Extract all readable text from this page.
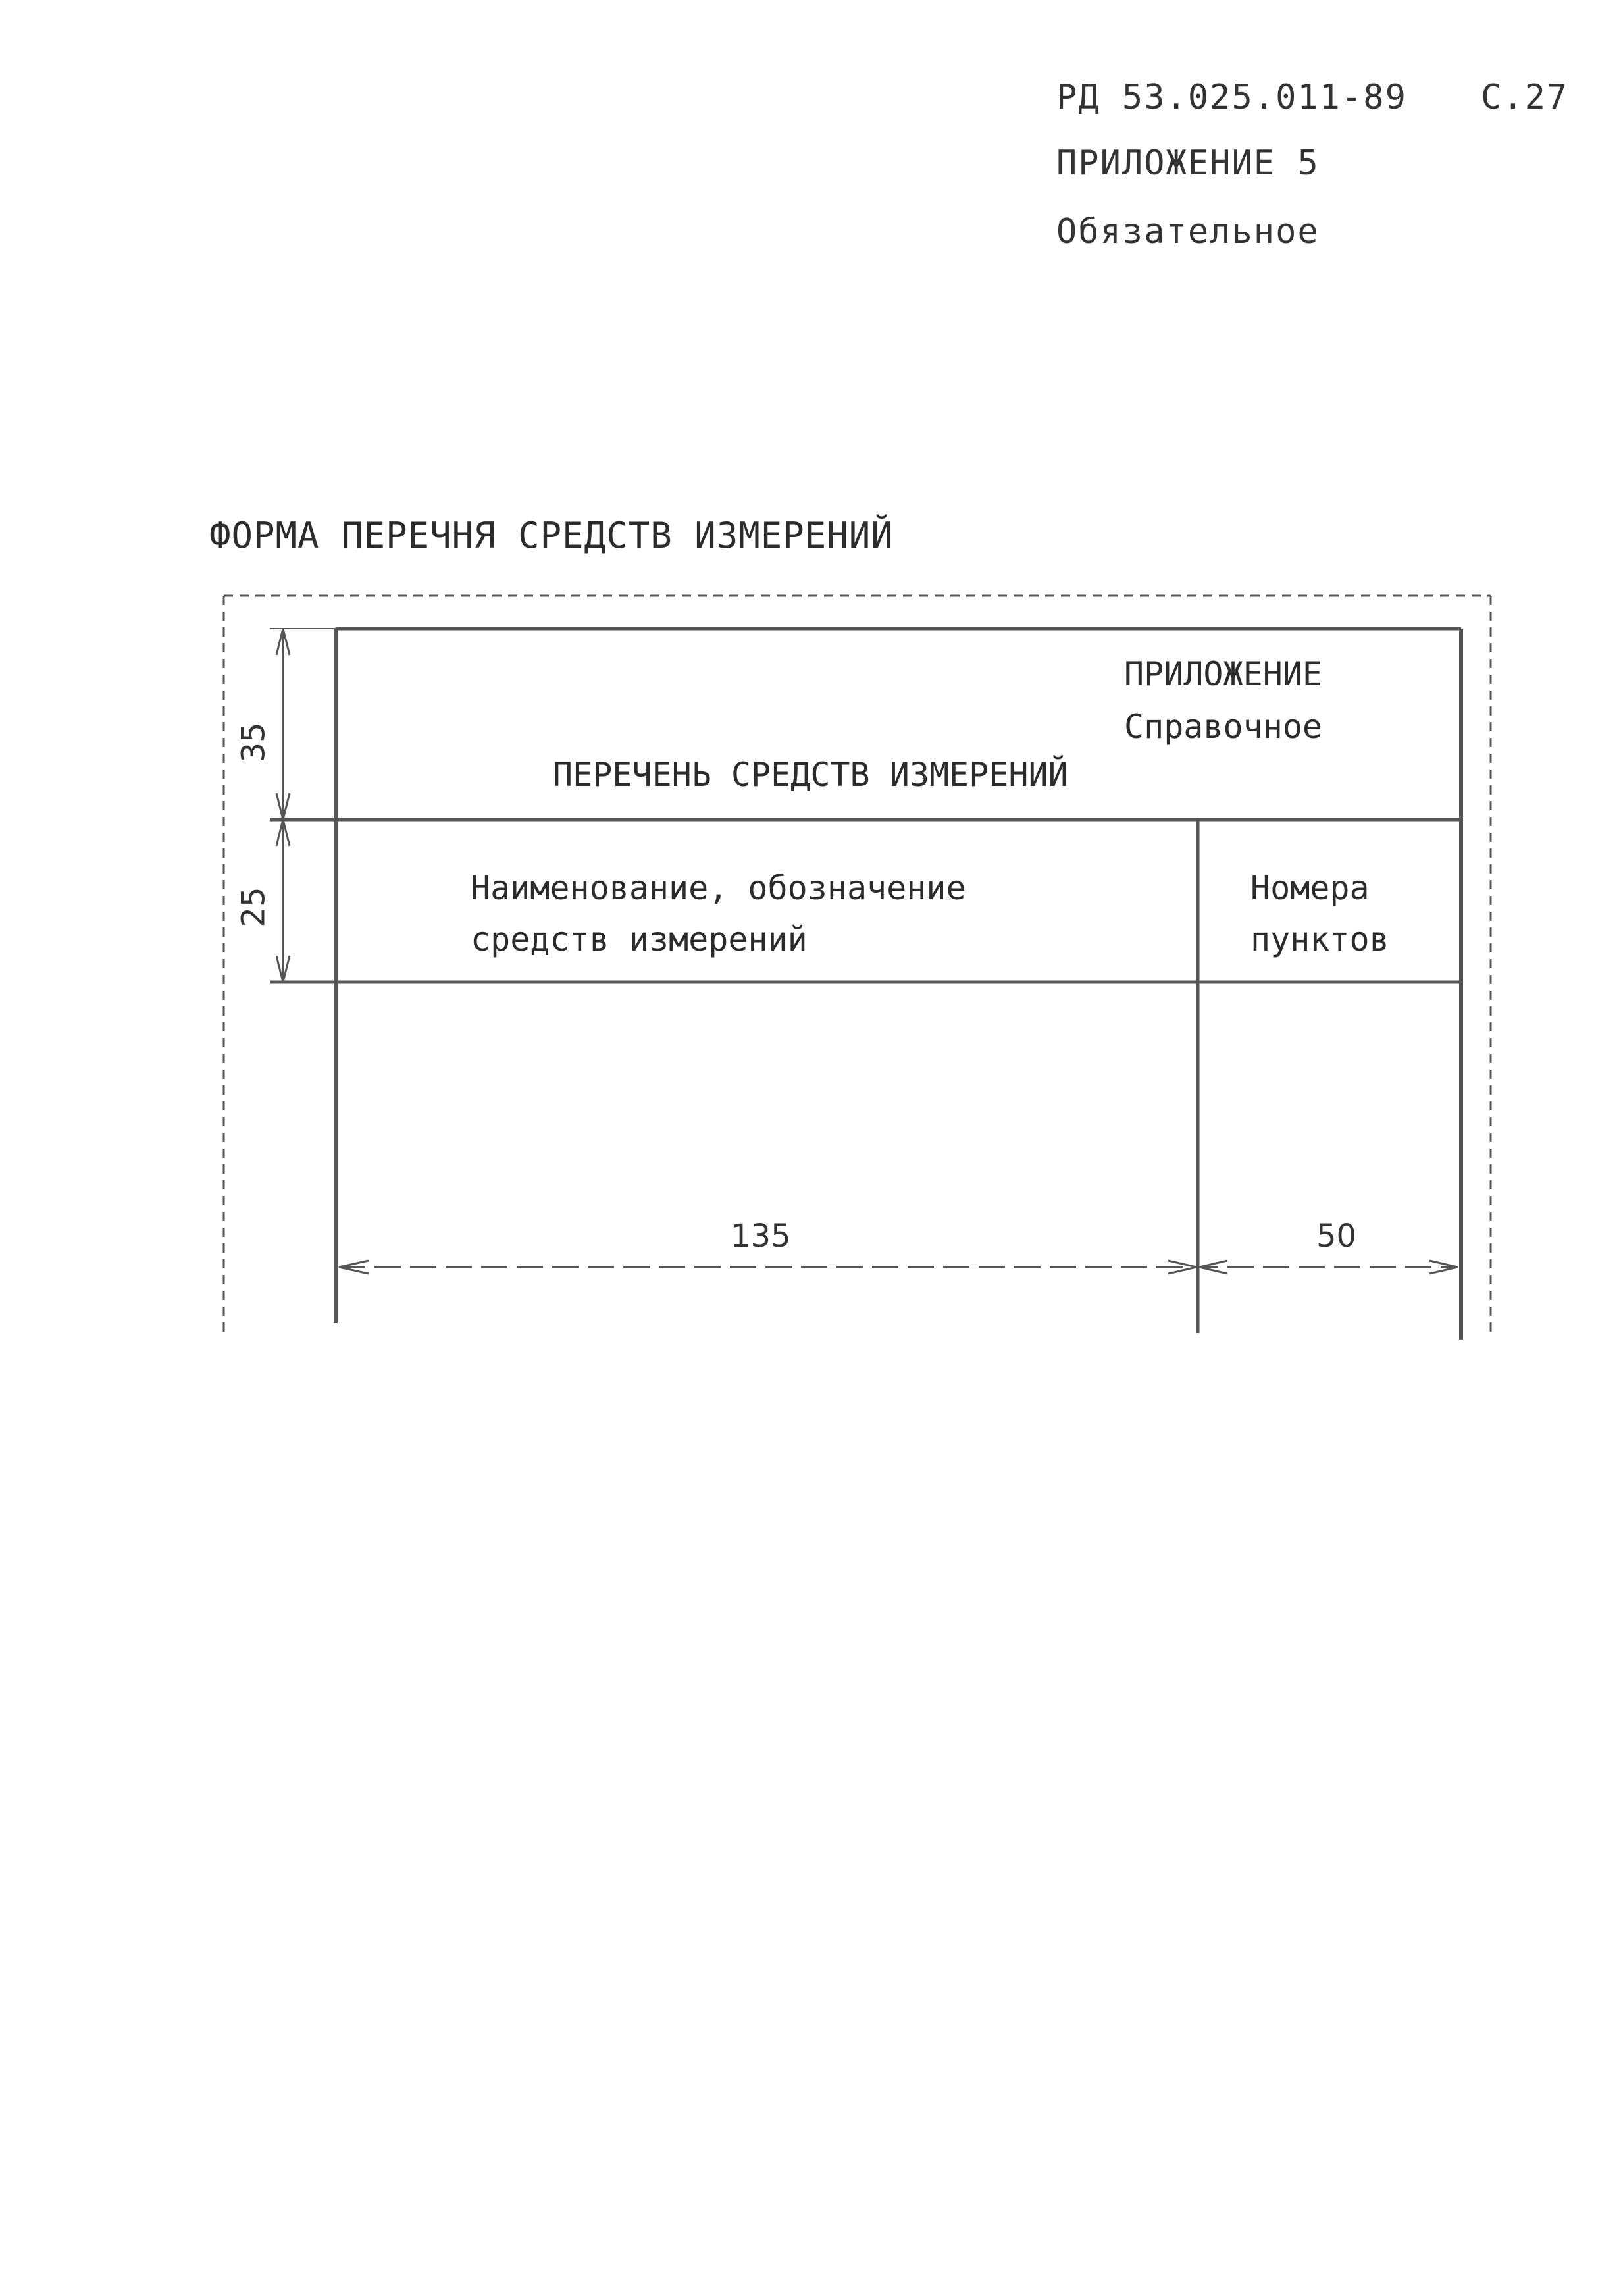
РД 53.025.011-89 С.27
ПРИЛОЖЕНИЕ 5
Обязательное
ФОРМА ПЕРЕЧНЯ СРЕДСТВ ИЗМЕРЕНИЙ
ПРИЛОЖЕНИЕ
Справочное
ПЕРЕЧЕНЬ СРЕДСТВ ИЗМЕРЕНИЙ
Наименование, обозначение
средств измерений
Номера
пунктов
35
25
135	50
